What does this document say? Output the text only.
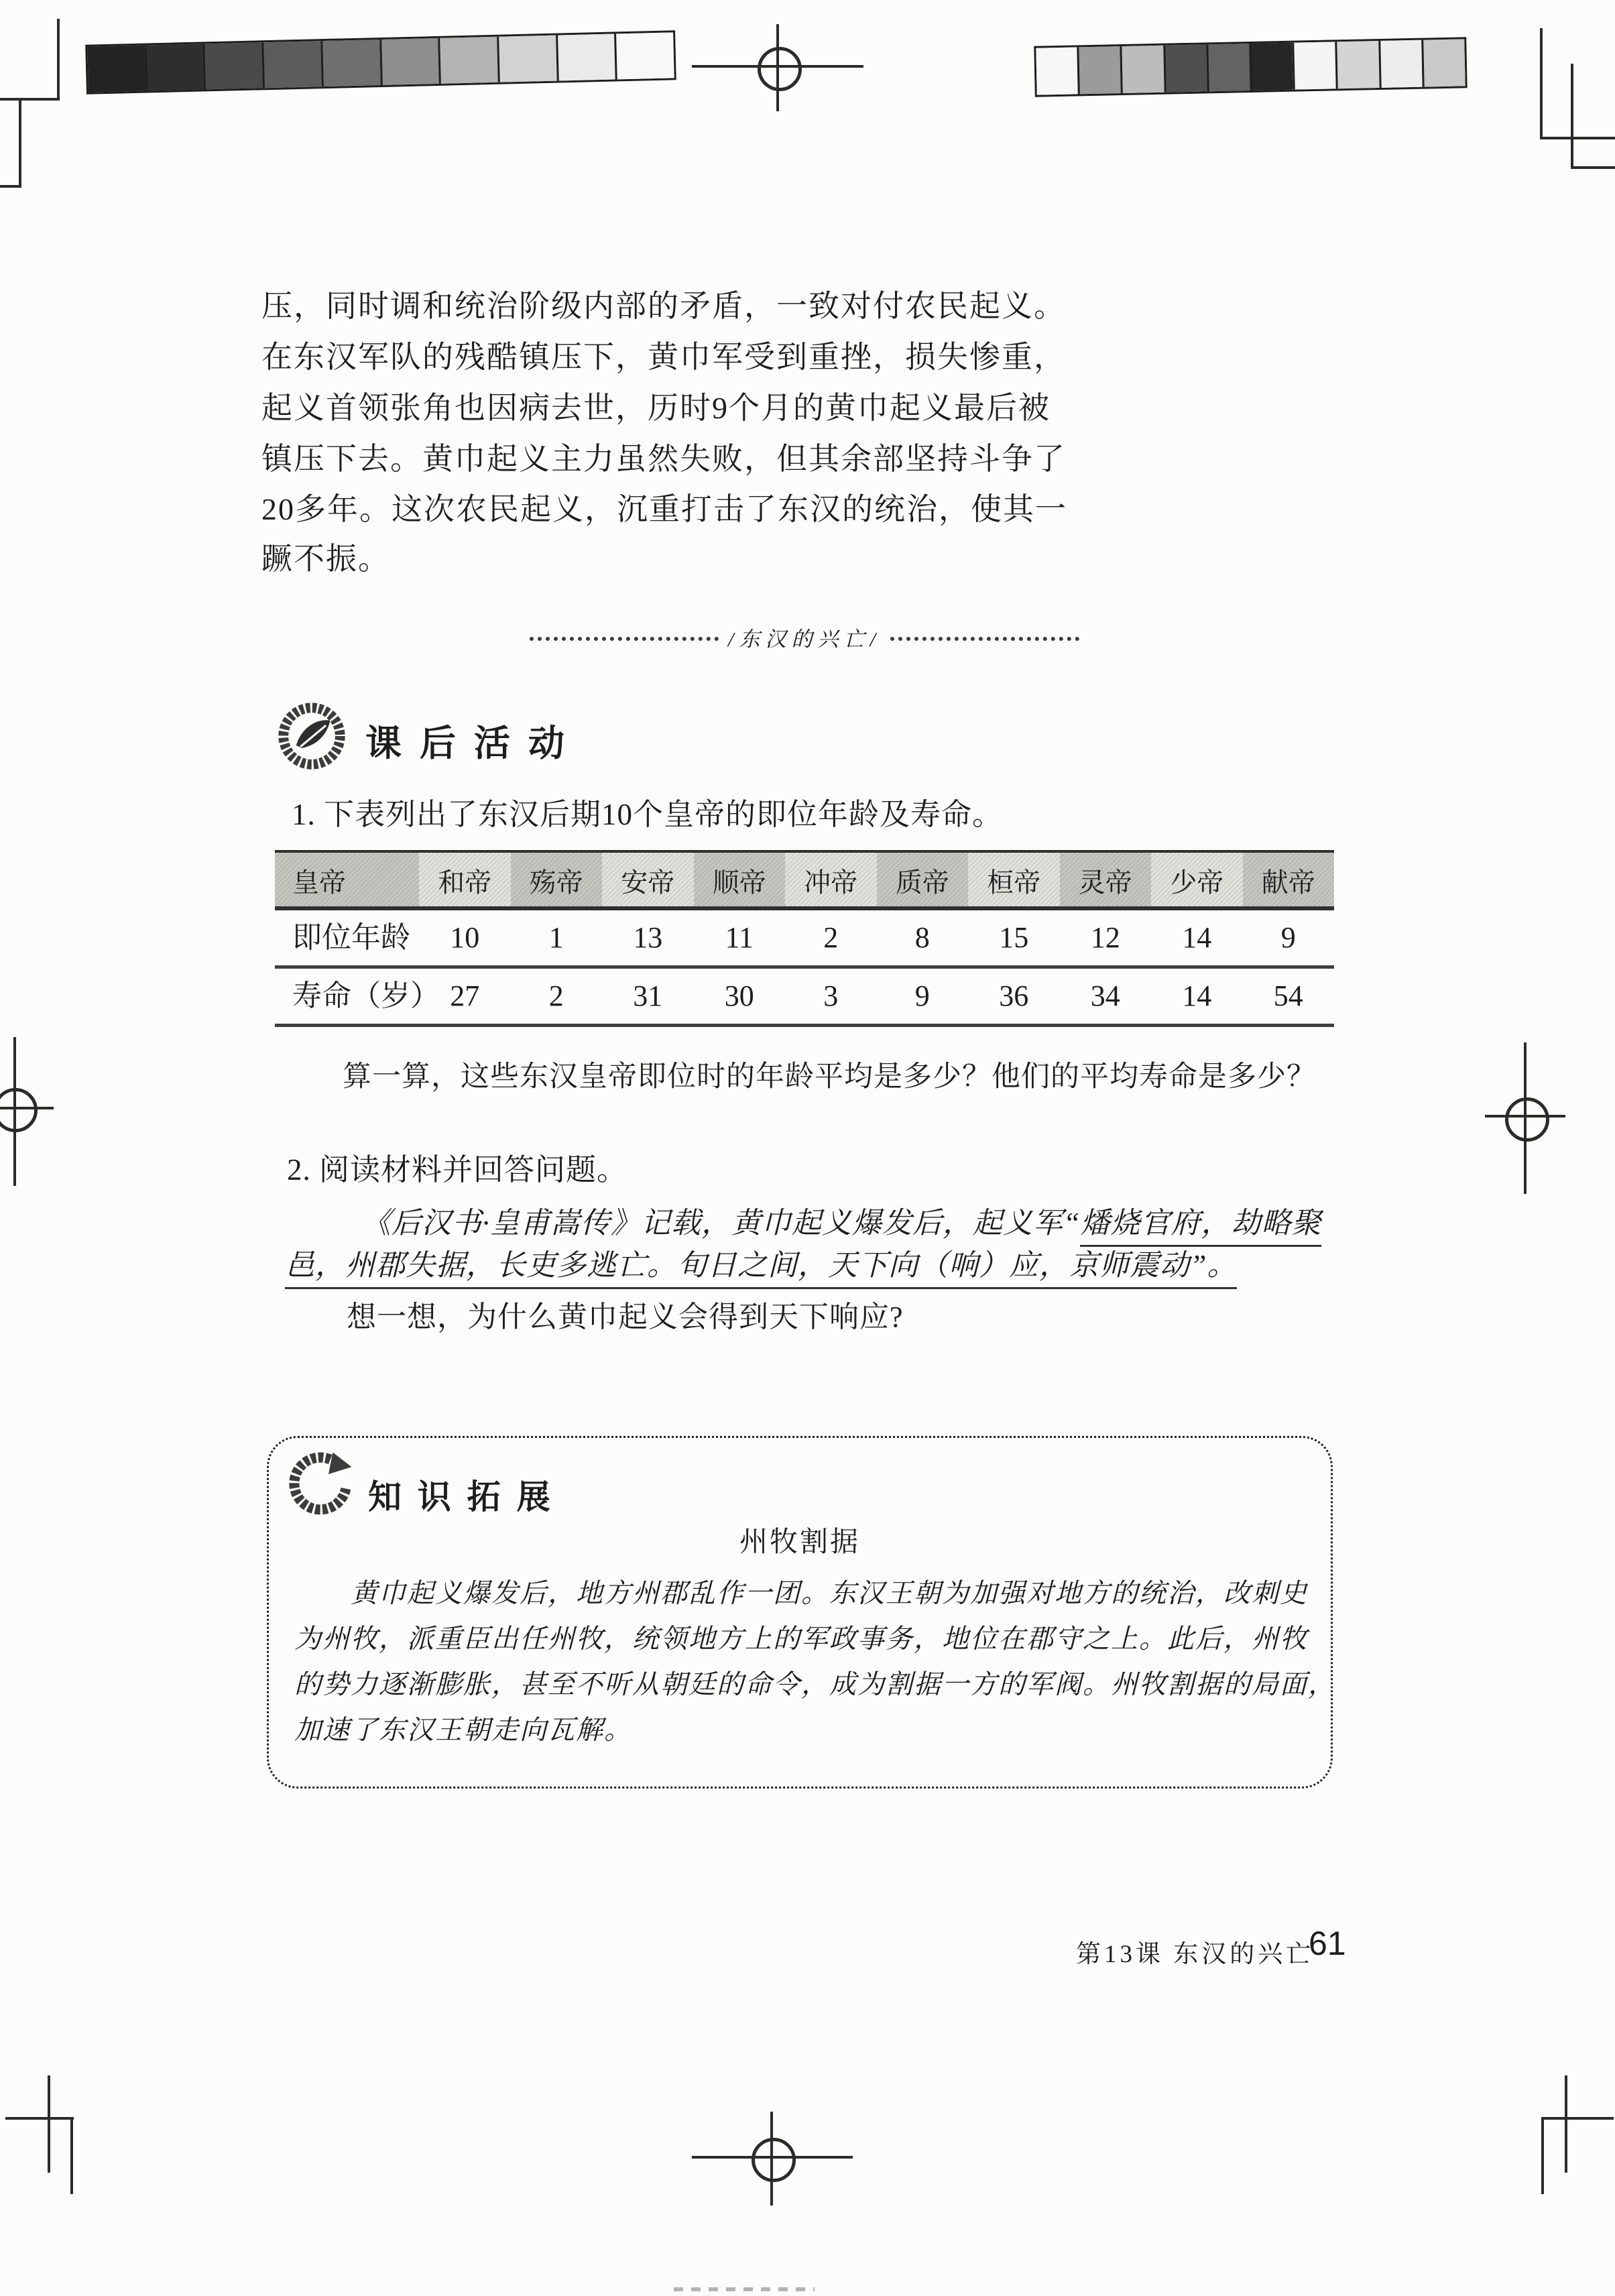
压，同时调和统治阶级内部的矛盾，一致对付农民起义。
在东汉军队的残酷镇压下，黄巾军受到重挫，损失惨重，
起义首领张角也因病去世，历时9个月的黄巾起义最后被
镇压下去。黄巾起义主力虽然失败，但其余部坚持斗争了
20多年。这次农民起义，沉重打击了东汉的统治，使其一
蹶不振。
/东汉的兴亡/
课 后 活 动
1. 下表列出了东汉后期10个皇帝的即位年龄及寿命。
皇帝	和帝	殇帝	安帝	顺帝	冲帝	质帝	桓帝	灵帝	少帝	献帝
即位年龄	10	1	13	11	2	8	15	12	14	9
寿命（岁） 27	2	31	30	3	9	36	34	14	54
算一算，这些东汉皇帝即位时的年龄平均是多少？他们的平均寿命是多少？
2. 阅读材料并回答问题。
《后汉书·皇甫嵩传》记载，黄巾起义爆发后，起义军“燔烧官府，劫略聚
邑，州郡失据，长吏多逃亡。旬日之间，天下向（响）应，京师震动”。
想一想，为什么黄巾起义会得到天下响应?
知 识 拓 展
州牧割据
黄巾起义爆发后，地方州郡乱作一团。东汉王朝为加强对地方的统治，改刺史
为州牧，派重臣出任州牧，统领地方上的军政事务，地位在郡守之上。此后，州牧
的势力逐渐膨胀，甚至不听从朝廷的命令，成为割据一方的军阀。州牧割据的局面，
加速了东汉王朝走向瓦解。
第13课 东汉的兴亡
61
